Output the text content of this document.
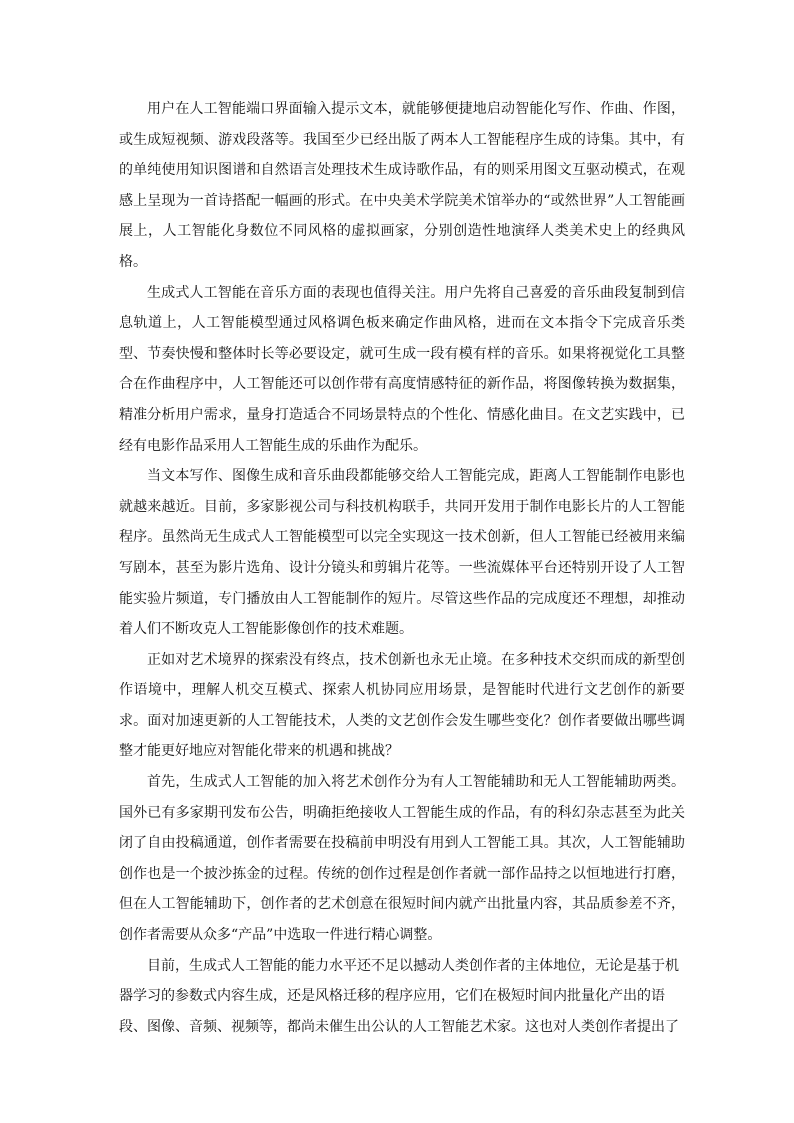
用户在人工智能端口界面输入提示文本，就能够便捷地启动智能化写作、作曲、作图，或生成短视频、游戏段落等。我国至少已经出版了两本人工智能程序生成的诗集。其中，有的单纯使用知识图谱和自然语言处理技术生成诗歌作品，有的则采用图文互驱动模式，在观感上呈现为一首诗搭配一幅画的形式。在中央美术学院美术馆举办的“或然世界”人工智能画展上，人工智能化身数位不同风格的虚拟画家，分别创造性地演绎人类美术史上的经典风格。

生成式人工智能在音乐方面的表现也值得关注。用户先将自己喜爱的音乐曲段复制到信息轨道上，人工智能模型通过风格调色板来确定作曲风格，进而在文本指令下完成音乐类型、节奏快慢和整体时长等必要设定，就可生成一段有模有样的音乐。如果将视觉化工具整合在作曲程序中，人工智能还可以创作带有高度情感特征的新作品，将图像转换为数据集，精准分析用户需求，量身打造适合不同场景特点的个性化、情感化曲目。在文艺实践中，已经有电影作品采用人工智能生成的乐曲作为配乐。

当文本写作、图像生成和音乐曲段都能够交给人工智能完成，距离人工智能制作电影也就越来越近。目前，多家影视公司与科技机构联手，共同开发用于制作电影长片的人工智能程序。虽然尚无生成式人工智能模型可以完全实现这一技术创新，但人工智能已经被用来编写剧本，甚至为影片选角、设计分镜头和剪辑片花等。一些流媒体平台还特别开设了人工智能实验片频道，专门播放由人工智能制作的短片。尽管这些作品的完成度还不理想，却推动着人们不断攻克人工智能影像创作的技术难题。

正如对艺术境界的探索没有终点，技术创新也永无止境。在多种技术交织而成的新型创作语境中，理解人机交互模式、探索人机协同应用场景，是智能时代进行文艺创作的新要求。面对加速更新的人工智能技术，人类的文艺创作会发生哪些变化？创作者要做出哪些调整才能更好地应对智能化带来的机遇和挑战？

首先，生成式人工智能的加入将艺术创作分为有人工智能辅助和无人工智能辅助两类。国外已有多家期刊发布公告，明确拒绝接收人工智能生成的作品，有的科幻杂志甚至为此关闭了自由投稿通道，创作者需要在投稿前申明没有用到人工智能工具。其次，人工智能辅助创作也是一个披沙拣金的过程。传统的创作过程是创作者就一部作品持之以恒地进行打磨，但在人工智能辅助下，创作者的艺术创意在很短时间内就产出批量内容，其品质参差不齐，创作者需要从众多“产品”中选取一件进行精心调整。

目前，生成式人工智能的能力水平还不足以撼动人类创作者的主体地位，无论是基于机器学习的参数式内容生成，还是风格迁移的程序应用，它们在极短时间内批量化产出的语段、图像、音频、视频等，都尚未催生出公认的人工智能艺术家。这也对人类创作者提出了
